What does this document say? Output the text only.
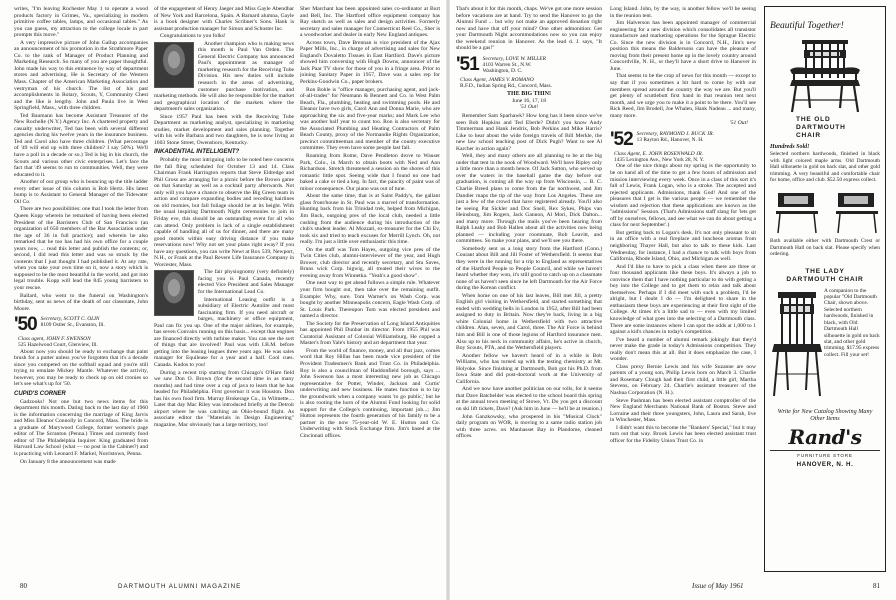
writes, "I'm leaving Rochester May 1 to operate a wood products factory in Grimes, Va., specializing in modern primitive coffee tables, lamps, and occasional tables." As you can guess, my attraction to the college locale in part prompts this move."

A very impressive picture of John Gallup accompanies an announcement of his promotion in the Strathmore Paper Co. to the rank of Manager of Product Planning and Marketing Research. So many of you are paper thoughtful. John made his way to this eminence by way of department stores and advertising. He is Secretary of the Western Mass. Chapter of the American Marketing Association and vestryman of his church. The list of his past accomplishments in Rotary, Scouts, Y, Community Chest and the like is lengthy. John and Paula live in West Springfield, Mass., with three children.

Ted Baumann has become Assistant Treasurer of the New Rochelle (N.Y.) Agency Inc. A chartered property and casualty underwriter, Ted has been with several different agencies during his twelve years in the insurance business. Ted and Carol also have three children. (What percentage of '49 will end up with three children? I say 50%). We'll have a poll in a decade or so.) Ted is big in his church, the Scouts and various other civic enterprises. Let's face the fact that '49 seems to run to communities. Well, they were educated to it.

Another of our group who is bouncing up the title ladder every other issue of this column is Bob Hertz. His latest bump is to Assistant to General Manager of the Tidewater Oil Co.

There are two possibilities: one that I took the letter from Queen Kopp wherein he remarked of having been elected President of the Barristers Club of San Francisco (an organization of 650 members of the Bar Association under the age of 36 in full practice); and wherein he also remarked that he too has had his own office for a couple years now, ... read this letter and publish the contents; or, second, I did read this letter and was so struck by the contents that I just thought I had published it. At any rate, when you take your own time on it, now a story which is supposed to be the most beautiful in the world, and got into legal trouble. Kopp will lead the 845 young barristers to your rescue.

Ballard, who went to the funeral on Washington's birthday, sent us news of the death of our classmate, John Moore.

'50 Secretary, SCOTT C. OLIN
8109 Ostler St., Evanston, Ill.
Class agent, JOHN F. SWENSON
525 Hazelwood Court, Glenview, Ill.

About now you should be ready to exchange that paint brush for a putter unless you've forgotten that it's a decade since you competed on the softball squad and you're still trying to emulate Mickey Mantle. Whatever the activity, however, you may be ready to check up on old cronies so let's see what's up for '50.

CUPID'S CORNER

Gadzooks! Not one but two news items for this department this month. Dating back to the last day of 1960 is the information concerning the marriage of King Jarvis and Miss Eleanor Connolly in Concord, Mass. The bride is a graduate of Marywood College, former women's page editor of The Scranton (Penna.) Times and currently food editor of The Philadelphia Inquirer. King graduated from Harvard Law School (what — no post in the Cabinet?) and is practicing with Leonard F. Markel, Norristown, Penna.

On January 8 the announcement was made

of the engagement of Henry Jaeger and Miss Gayle Abendhar of New York and Barcelona, Spain. A Barnard alumna, Gayle is a book designer with Charles Scribner's Sons. Hank is assistant production manager for Simon and Schuster Inc.

Congratulations to you folks!

Another champion who is making news this month is Paul Van Orden. The General Electric Company has announced Paul's appointment as manager of marketing research for the Receiving Tube Division. His new duties will include research in the areas of advertising, customer purchase motivation, and marketing methods. He will also be responsible for the market and geographical location of the markets where the department's sales organization.

Since 1957 Paul has been with the Receiving Tube Department as marketing analyst, specializing in marketing studies, market development and sales planning. Together with his wife Barbara and two daughters, he is now living at 1603 Stone Street, Owensboro, Kentucky.

INKADENTIAL INTELLIGENT?

Probably the most intriguing info to be noted here concerns the fall fling scheduled for October 13 and 14. Class Chairman Frank Harrington reports that Steve Eldredge and Phil Gross are arranging for a picnic before the Brown game on that Saturday as well as a cocktail party afterwards. Not only will you have a chance to observe the Big Green team in action and compare expanding bodies and receding hairlines on old roomies, but fall foliage should be at its height. With the usual inspiring Dartmouth Night ceremonies to join in Friday eve, this should be an outstanding event for all who can attend. Only problem is lack of a single establishment capable of handling all of us for dinner, and there are many good motels within easy driving distance if you make reservations now! Why not set your plans right away? If you have any questions, you can write Newt at Box 539, Newport, N.H., or Frank at the Paul Revere Life Insurance Company in Worcester, Mass.

The fair physiognomy (very definitely) facing you is Paul Canada, recently elected Vice President and Sales Manager for the International Lead Co.

International Leasing outfit is a subsidiary of Electric Autolite and most fascinating firm. If you need aircraft or barges, machinery or office equipment, Paul can fix you up. One of the major airlines, for example, has seven Convairs running on this basis... except that engines are financed directly with turbine maker. You can see the sort of things that are involved! Paul was with I.B.M. before getting into the leasing leagues three years ago. He was sales manager for Equilease for a year and a half. Cool cues. Canada. Kudos to you!

During a recent trip starting from Chicago's O'Hare field we saw Don O. Brown (for the second time in as many months) and had time over a cup of java to learn that he has headed for Philadelphia. First governor it was Houston. Don has his own food firm. Murray Brokerage Co., in Wilmette.... Later that day Mac Riley was introduced briefly at the Detroit airport where he was catching an Ohio-bound flight. As associate editor the "Materials in Design Engineering" magazine, Mac obviously has a large territory, too!

Sher Marchant has been appointed sales co-ordinator at Burt and Bell, Inc. The Hartford office equipment company has Ray sketch as well as sales and design activities. Formerly secretary and sales manager for Connecticut Reel Co., Sher is a woodworker and dealer in early New England antiques.

Across town, Dave Brennan is vice president of the Ajax Paper Mills, Inc., in charge of advertising and sales for New England's Dovaletto Tissues in East Hartford. Dave's picture showed him conversing with Hugh Downs, announcer of the Jack Paar TV show for those of you in a fringe area. Prior to joining Sanitary Paper in 1957, Dave was a sales rep for Perkins-Goodwin Co., paper brokers.

Ron Bohle is "office manager, purchasing agent, and jack-of-all-trades" for Neumann & Bennett and Co. in West Palm Beach, Fla., plumbing, heating and swimming pools. He and Eleanor have two girls, Carol Ann and Donna Marie, who are approaching the six and five-year marks; and Mark Lee who was another half year to count too. Ron is also secretary for the Associated Plumbing and Heating Contractors of Palm Beach County, proxy of the Normandie Rights Organization, precinct committeeman and member of the county executive committee. They even have some people last fall.

Roaming from Rome, Dave Pendleton drove to Wauser Park, Colo., in March to obtain boots with Ned and Ann Richardson. Stretch threatened a session on the shores of this romantic little spot. Seeing wide that I found no one had baked a cake or tied a keg. In fact, the paucity of paint was of minor consequence. Our piano was out of tune.

About the same time, that is at Saint Paddy's, the gallant glass front/house in St. Paul was a marvel of transformation. Hunting back from his Trinidad trek, helped from Michigan, Jim Buck, outgoing pres of the local club, needed a little cushing from the audience during his introduction of the club's student leader. Al Mozzati, ex-treasurer for the Chi Ev, took six and tried to teach excuses for Merrill Lynch. Oh, not really. I'm just a little over enthusiastic this time.

On the staff was Tom Hayes, outgoing vice pres of the Twin Cities club, alumni-interviewer of the year, and Hugh Brower, club director and recently secretary, and Stu Saves, Bruns wick Corp. bigwig, all treated their wives to the evening away from Winnetka. "Yeah's a good show".

One neat way to get ahead follows a simple rule. Whatever your firm bought out, then take over the remaining outfit. Example: Why, sure. Tom Warner's on Wash Corp. was bought by another Minneapolis concern, Eagle Wash Corp. of St. Louis Park. Thereupon Tom was elected president and named a director.

The Society for the Preservation of Long Island Antiquities has appointed Phil Dunbar its director. From 1955 Phil was Curatorial Assistant of Colonial Williamsburg. He copped a Master's from Yale's history and art department that year.

From the world of finance, money, and all that jazz, comes word that Roy Hillas has been made vice president of the Provident Tradesmen's Bank and Trust Co. in Philadelphia. Roy is also a councilman of Haddonfield borough, says ... John Swenson has a most interesting new job as Chicago representative for Potter, Winder, Jackson and Curtis' underwriting and new business. He mates function is to lay the groundwork when a company wants 'to go public,' but he is also rooting the horn of the Alumni Fund looking for solid support for the College's continuing, important job...; Jim Hutton represents the fourth generation of his family to be a partner in the now 75-year-old W. E. Hutton and Co. Underwriting with Stock Exchange firm. Jim's based at the Cincinnati offices.

80	DARTMOUTH ALUMNI MAGAZINE

That's about it for this month, chaps. We've got one more session before vacations are at hand. Try to send the Hanover to go the Alumni Fund ... but why not make an approved donation right now and have that off your mind? One other admonition: Get your Dartmouth Night accommodations now so you can enjoy the weekend reunion in Hanover. As the lead d. J. says, "It should be a gas!"

'51 Secretary, LOVE W. MILLER
4103 Warren St., N.W.
Washington, D. C.
Class Agent, JAMES V. ROMANO
R.F.D., Indian Spring Rd., Concord, Mass.
THE BIG THIN!
June 16, 17, 18
'51 Out!

Remember Sam Sparhawk? How long has it been since we've seen Bob Hopkins and Ted Eberle? Didn't you know Andy Timmerman and Hank Jendrix, Bob Perkins and Mike Harris? Like to hear about the wide foreign travels of Bill Merkle, the new law school teaching post of Dick Pugh? Want to see Al Karcher in action again?

Well, they and many others are all planning to be at the big under that tent in the nook of Woodward. We'll have Ripley only a little more than a month hence. Of Jack Sutton, who served up over the waters in the baseball game the day before our graduation, is coming all the way up from Wisconsin, ... B. C. Charlie Breed plans to come from the far northwest, and Jim Dandier maps the tip of the way from Los Angeles. These are just a few of the crowd that have registered already. You'll also be seeing Pat Sickler and Doc Snell, Rex Sykes, Phips van Heinsburg, Jim Rogers, Jack Gannon, Al Mori, Dick Dalton... and many more. Through the mails you've been hearing from Ralph Leahy and Bob Hallen about all the activities now being planned — including your roommate, Bob Leavitt, and committees. So make your plans, and we'll see you there.

Somebody sent us a long story from the Hartford (Conn.) Courant about Bill and Jill Foster of Wethersfield. It seems that they were in the running for a trip to England as representatives of the Hartford People to People Council, and while we haven't heard whether they won, it's still good to catch up on a classmate none of us haven't seen since he left Dartmouth for the Air Force during the Korean conflict.

When home on one of his last leaves, Bill met Jill, a pretty English girl visiting in Wethersfield, and started something that ended with wedding bells in London in 1952, after Bill had been assigned to duty in Britain. Now they're back, living in a big white Colonial home in Wethersfield with two attractive children. Alan, seven, and Carol, three. The Air Force is behind him and Bill is one of those legions of Hartford insurance men. Also up to his neck in community affairs, he's active in church, Boy Scouts, PTA, and the Wethersfield players.

Another fellow we haven't heard of in a while is Bob Williams, who has turned up with the testing chemistry at Mt. Holyoke. Since finishing at Dartmouth, Bob got his Ph.D. from Iowa State and did post-doctoral work at the University of California.

And we now have another politician on our rolls, for it seems that Dave Batchelder was elected to the school board this spring at the annual town meeting of Stowe, Vt. Do you get a discount on ski lift tickets, Dave? (Ask him in June — he'll be at reunion.)

John Ganzkowsky, who prospered in his "Musical Clock" daily program on WOR, is moving to a same radio station job with three acres. on Manhasset Bay in Plandome, cleaned offices.

Long Island. John, by the way, is another fellow we'll be seeing in the reunion tent.

Jim Halverson has been appointed manager of commercial engineering for a new division which consolidates all transistor manufacture and marketing operations for the Sprague Electric Co. Since the new division is in Concord, N.H., Jim's new position this means the Baldersons can have the pleasure of moving from their present home up in the lovely country around Concordville, N. H., or they'll have a short drive to Hanover in June.

That seems to be the crop of news for this month — except to say that if you sometimes a bit hard to come by with our members spread around the country the way we are. But you'll get plenty of scuttlebutt first hand in that reunion tent next month, and we urge you to make it a point to be there. You'll see Rick Reed, Jim Brodell, Joe Whalen, Hank Nadeau ... and many, many more.

'51 Out!
'52 Secretary, RAYMOND J. BUCK JR.
13 Rayton Rd., Hanover, N. H.
Class Agent, E. JOHN ROSENWALD JR.
1435 Lexington Ave., New York 28, N. Y.

One of the nice things about my spring is the opportunity to be on hand all of the time to get a few hours of admission and mission interviewing every week. Once in a class of this sort it's fall of Lewis, Frank Logan, who is a stroke. The accepted and rejected applicants. Admissions, thank God! And one of the pleasures that I get is the various people — we remember the wisdom and rejection that these applications are known as the "admissions" Session. (That's Admissions staff slang for 'lets get off by ourselves, fellows, and see what we can do about getting a class for next September'.)

But getting back to Logan's desk. It's not only pleasant to sit in an office with a real fireplace and luncheon aromas from neighboring Thayer Hall, but also to talk to these kids. Last Wednesday, for instance, I had a chance to talk with boys from California, Rhode Island, Ohio, and Michigan as well.

And I'd like to have to pick a class when there are three or four thousand applicants like these boys. It's always a job to convince them that I have nothing particular to do with getting a boy into the College and to get them to relax and talk about themselves. Perhaps if I did meet with such a problem, I'd be alright, but I doubt I do — I'm delighted to share in the enthusiasm these boys are experiencing at their first sight of the College. At times it's a little sad to — even with my limited knowledge of what goes into the selecting of a Dartmouth class. There are some instances where I can spot the odds at 1,000 to 1 against a kid's chances in today's competition.

I've heard a number of alumni remark jokingly that they'd never make the grade in today's Admissions competition. They really don't mean this at all. But it does emphasize the case, I wonder.

Class prexy Bernie Lewis and his wife Suzanne are now parents of a young son, Philip Lewis born on March 3. Charlie and Rosemary Clough had their first child, a little girl, Martha Stevens, on February 24. Charlie's assistant treasurer of the Nashua Corporation (N. H.).

Steve Pashman has been elected assistant comptroller of the New England Merchants National Bank of Boston. Steve and Lorraine and their three youngsters, John, Laura and Sarah, live in Winchester, Mass.

I didn't want this to become the "Bankers' Special," but it may turn out that way. Brook Lewis has been elected assistant trust officer for the Fidelity Union Trust Co. in

Beautiful Together!
THE OLD
DARTMOUTH
CHAIR
Hundreds Sold!
Selected northern hardwoods, finished in black with light colored maple arms. Old Dartmouth Hall silhouette in gold on back slat, and other gold trimming. A very beautiful and comfortable chair for home, office and club. $52.50 express collect.
Both available either with Dartmouth Crest or Dartmouth Hall on back slat. Please specify when ordering.
THE LADY
DARTMOUTH CHAIR
A companion to the popular "Old Dartmouth Chair, shown above. Selected northern hardwoods, finished in black, with Old Dartmouth Hall silhouette in gold on back slat, and other gold trimming. $17.95 express collect. Fill your set!
Write for New Catalog Showing Many Other Items
Rand's
FURNITURE STORE
HANOVER, N. H.
Issue of May 1961	81
